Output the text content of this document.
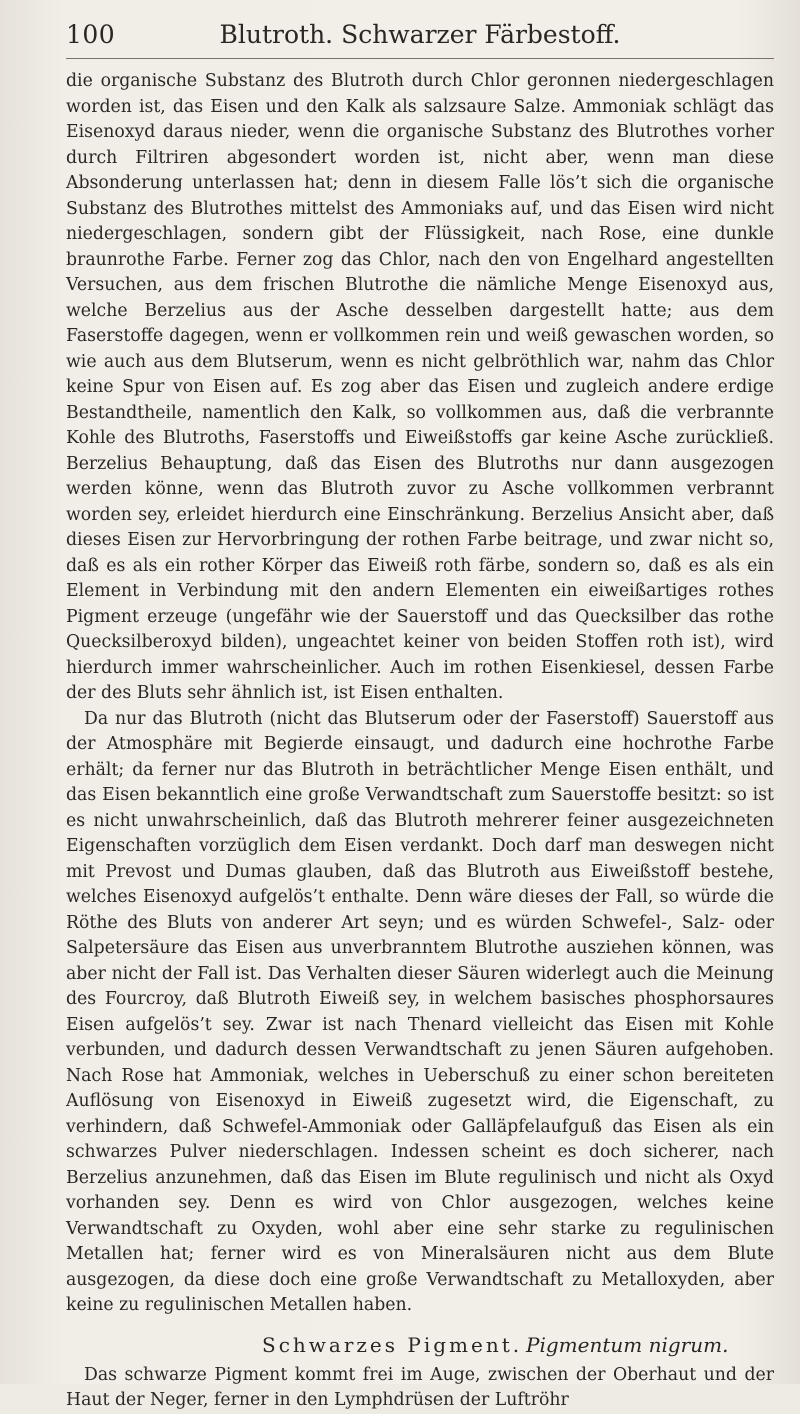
100	Blutroth. Schwarzer Färbestoff.

die organische Substanz des Blutroth durch Chlor geronnen niedergeschlagen worden ist, das Eisen und den Kalk als salzsaure Salze. Ammoniak schlägt das Eisenoxyd daraus nieder, wenn die organische Substanz des Blutrothes vorher durch Filtriren abgesondert worden ist, nicht aber, wenn man diese Absonderung unterlassen hat; denn in diesem Falle lös’t sich die organische Substanz des Blutrothes mittelst des Ammoniaks auf, und das Eisen wird nicht niedergeschlagen, sondern gibt der Flüssigkeit, nach Rose, eine dunkle braunrothe Farbe. Ferner zog das Chlor, nach den von Engelhard angestellten Versuchen, aus dem frischen Blutrothe die nämliche Menge Eisenoxyd aus, welche Berzelius aus der Asche desselben dargestellt hatte; aus dem Faserstoffe dagegen, wenn er vollkommen rein und weiß gewaschen worden, so wie auch aus dem Blutserum, wenn es nicht gelbröthlich war, nahm das Chlor keine Spur von Eisen auf. Es zog aber das Eisen und zugleich andere erdige Bestandtheile, namentlich den Kalk, so vollkommen aus, daß die verbrannte Kohle des Blutroths, Faserstoffs und Eiweißstoffs gar keine Asche zurückließ. Berzelius Behauptung, daß das Eisen des Blutroths nur dann ausgezogen werden könne, wenn das Blutroth zuvor zu Asche vollkommen verbrannt worden sey, erleidet hierdurch eine Einschränkung. Berzelius Ansicht aber, daß dieses Eisen zur Hervorbringung der rothen Farbe beitrage, und zwar nicht so, daß es als ein rother Körper das Eiweiß roth färbe, sondern so, daß es als ein Element in Verbindung mit den andern Elementen ein eiweißartiges rothes Pigment erzeuge (ungefähr wie der Sauerstoff und das Quecksilber das rothe Quecksilberoxyd bilden), ungeachtet keiner von beiden Stoffen roth ist), wird hierdurch immer wahrscheinlicher. Auch im rothen Eisenkiesel, dessen Farbe der des Bluts sehr ähnlich ist, ist Eisen enthalten.

Da nur das Blutroth (nicht das Blutserum oder der Faserstoff) Sauerstoff aus der Atmosphäre mit Begierde einsaugt, und dadurch eine hochrothe Farbe erhält; da ferner nur das Blutroth in beträchtlicher Menge Eisen enthält, und das Eisen bekanntlich eine große Verwandtschaft zum Sauerstoffe besitzt: so ist es nicht unwahrscheinlich, daß das Blutroth mehrerer feiner ausgezeichneten Eigenschaften vorzüglich dem Eisen verdankt. Doch darf man deswegen nicht mit Prevost und Dumas glauben, daß das Blutroth aus Eiweißstoff bestehe, welches Eisenoxyd aufgelös’t enthalte. Denn wäre dieses der Fall, so würde die Röthe des Bluts von anderer Art seyn; und es würden Schwefel-, Salz- oder Salpetersäure das Eisen aus unverbranntem Blutrothe ausziehen können, was aber nicht der Fall ist. Das Verhalten dieser Säuren widerlegt auch die Meinung des Fourcroy, daß Blutroth Eiweiß sey, in welchem basisches phosphorsaures Eisen aufgelös’t sey. Zwar ist nach Thenard vielleicht das Eisen mit Kohle verbunden, und dadurch dessen Verwandtschaft zu jenen Säuren aufgehoben. Nach Rose hat Ammoniak, welches in Ueberschuß zu einer schon bereiteten Auflösung von Eisenoxyd in Eiweiß zugesetzt wird, die Eigenschaft, zu verhindern, daß Schwefel-Ammoniak oder Galläpfelaufguß das Eisen als ein schwarzes Pulver niederschlagen. Indessen scheint es doch sicherer, nach Berzelius anzunehmen, daß das Eisen im Blute regulinisch und nicht als Oxyd vorhanden sey. Denn es wird von Chlor ausgezogen, welches keine Verwandtschaft zu Oxyden, wohl aber eine sehr starke zu regulinischen Metallen hat; ferner wird es von Mineralsäuren nicht aus dem Blute ausgezogen, da diese doch eine große Verwandtschaft zu Metalloxyden, aber keine zu regulinischen Metallen haben.

Schwarzes Pigment. Pigmentum nigrum.

Das schwarze Pigment kommt frei im Auge, zwischen der Oberhaut und der Haut der Neger, ferner in den Lymphdrüsen der Luftröhr
